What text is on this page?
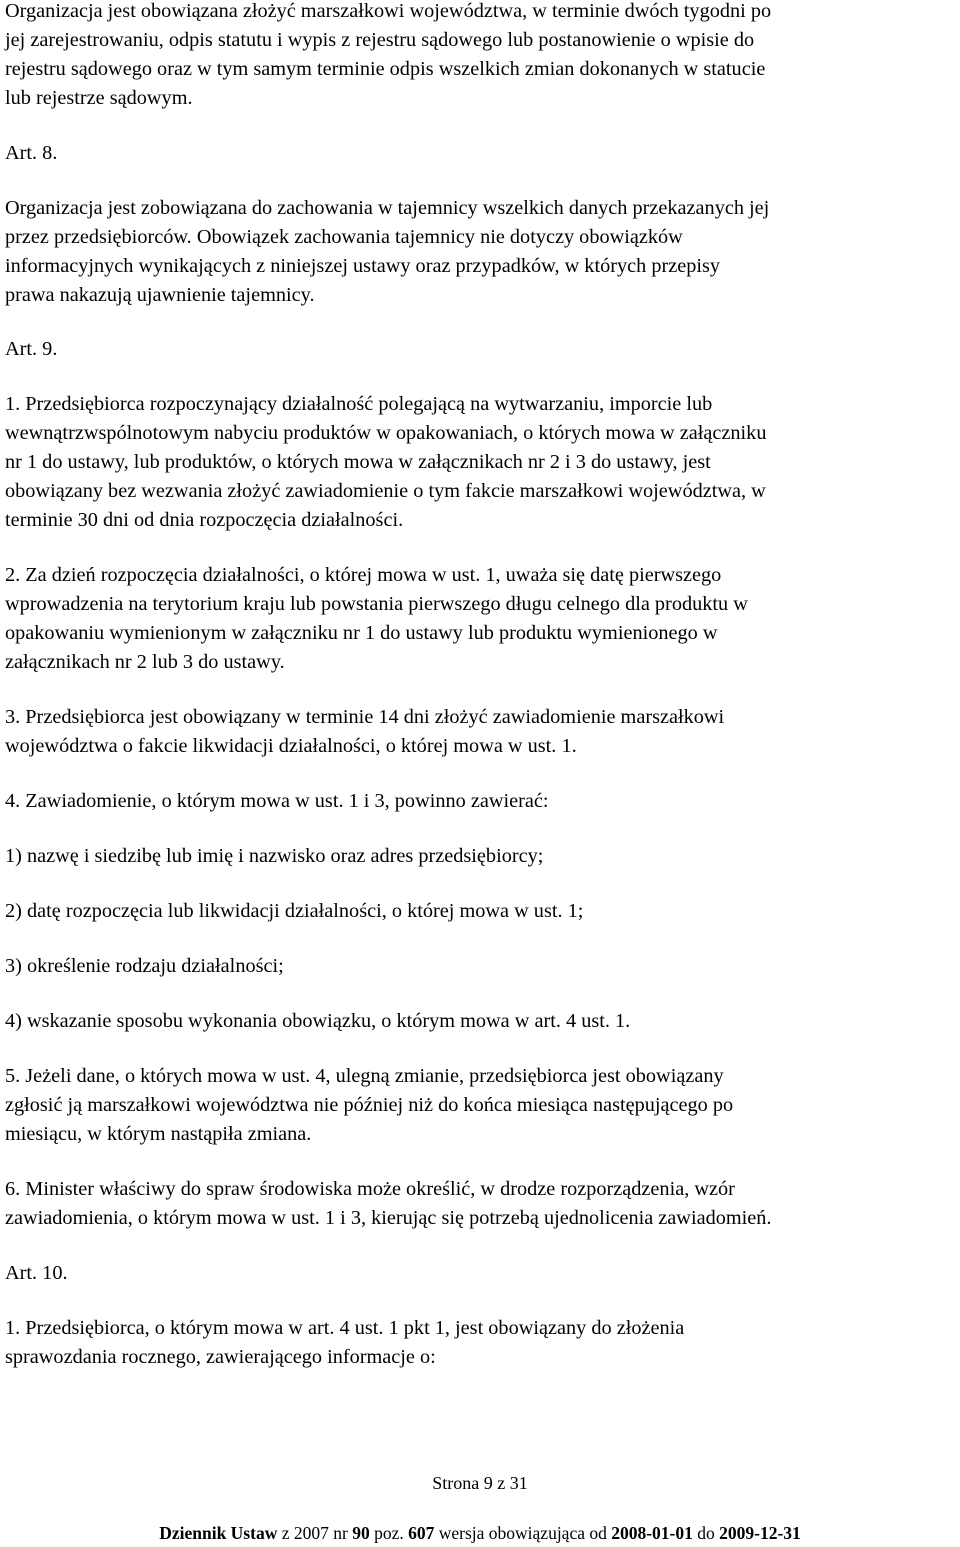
Organizacja jest obowiązana złożyć marszałkowi województwa, w terminie dwóch tygodni po
jej zarejestrowaniu, odpis statutu i wypis z rejestru sądowego lub postanowienie o wpisie do
rejestru sądowego oraz w tym samym terminie odpis wszelkich zmian dokonanych w statucie
lub rejestrze sądowym.

Art. 8.

Organizacja jest zobowiązana do zachowania w tajemnicy wszelkich danych przekazanych jej
przez przedsiębiorców. Obowiązek zachowania tajemnicy nie dotyczy obowiązków
informacyjnych wynikających z niniejszej ustawy oraz przypadków, w których przepisy
prawa nakazują ujawnienie tajemnicy.

Art. 9.

1. Przedsiębiorca rozpoczynający działalność polegającą na wytwarzaniu, imporcie lub
wewnątrzwspólnotowym nabyciu produktów w opakowaniach, o których mowa w załączniku
nr 1 do ustawy, lub produktów, o których mowa w załącznikach nr 2 i 3 do ustawy, jest
obowiązany bez wezwania złożyć zawiadomienie o tym fakcie marszałkowi województwa, w
terminie 30 dni od dnia rozpoczęcia działalności.

2. Za dzień rozpoczęcia działalności, o której mowa w ust. 1, uważa się datę pierwszego
wprowadzenia na terytorium kraju lub powstania pierwszego długu celnego dla produktu w
opakowaniu wymienionym w załączniku nr 1 do ustawy lub produktu wymienionego w
załącznikach nr 2 lub 3 do ustawy.

3. Przedsiębiorca jest obowiązany w terminie 14 dni złożyć zawiadomienie marszałkowi
województwa o fakcie likwidacji działalności, o której mowa w ust. 1.

4. Zawiadomienie, o którym mowa w ust. 1 i 3, powinno zawierać:

1) nazwę i siedzibę lub imię i nazwisko oraz adres przedsiębiorcy;

2) datę rozpoczęcia lub likwidacji działalności, o której mowa w ust. 1;

3) określenie rodzaju działalności;

4) wskazanie sposobu wykonania obowiązku, o którym mowa w art. 4 ust. 1.

5. Jeżeli dane, o których mowa w ust. 4, ulegną zmianie, przedsiębiorca jest obowiązany
zgłosić ją marszałkowi województwa nie później niż do końca miesiąca następującego po
miesiącu, w którym nastąpiła zmiana.

6. Minister właściwy do spraw środowiska może określić, w drodze rozporządzenia, wzór
zawiadomienia, o którym mowa w ust. 1 i 3, kierując się potrzebą ujednolicenia zawiadomień.

Art. 10.

1. Przedsiębiorca, o którym mowa w art. 4 ust. 1 pkt 1, jest obowiązany do złożenia
sprawozdania rocznego, zawierającego informacje o:

Strona 9 z 31
Dziennik Ustaw z 2007 nr 90 poz. 607 wersja obowiązująca od 2008-01-01 do 2009-12-31
